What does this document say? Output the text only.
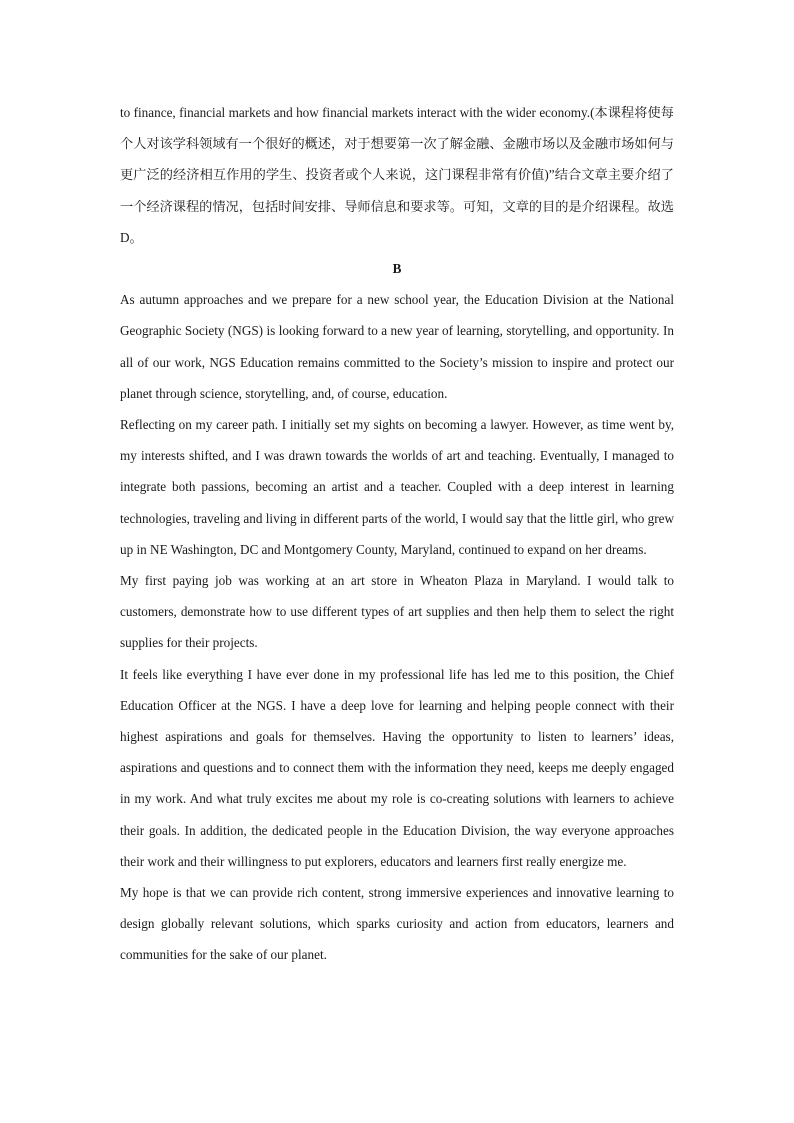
to finance, financial markets and how financial markets interact with the wider economy.(本课程将使每个人对该学科领域有一个很好的概述，对于想要第一次了解金融、金融市场以及金融市场如何与更广泛的经济相互作用的学生、投资者或个人来说，这门课程非常有价值)”结合文章主要介绍了一个经济课程的情况，包括时间安排、导师信息和要求等。可知，文章的目的是介绍课程。故选D。

B

As autumn approaches and we prepare for a new school year, the Education Division at the National Geographic Society (NGS) is looking forward to a new year of learning, storytelling, and opportunity. In all of our work, NGS Education remains committed to the Society’s mission to inspire and protect our planet through science, storytelling, and, of course, education.

Reflecting on my career path. I initially set my sights on becoming a lawyer. However, as time went by, my interests shifted, and I was drawn towards the worlds of art and teaching. Eventually, I managed to integrate both passions, becoming an artist and a teacher. Coupled with a deep interest in learning technologies, traveling and living in different parts of the world, I would say that the little girl, who grew up in NE Washington, DC and Montgomery County, Maryland, continued to expand on her dreams.

My first paying job was working at an art store in Wheaton Plaza in Maryland. I would talk to customers, demonstrate how to use different types of art supplies and then help them to select the right supplies for their projects.

It feels like everything I have ever done in my professional life has led me to this position, the Chief Education Officer at the NGS. I have a deep love for learning and helping people connect with their highest aspirations and goals for themselves. Having the opportunity to listen to learners’ ideas, aspirations and questions and to connect them with the information they need, keeps me deeply engaged in my work. And what truly excites me about my role is co-creating solutions with learners to achieve their goals. In addition, the dedicated people in the Education Division, the way everyone approaches their work and their willingness to put explorers, educators and learners first really energize me.

My hope is that we can provide rich content, strong immersive experiences and innovative learning to design globally relevant solutions, which sparks curiosity and action from educators, learners and communities for the sake of our planet.
